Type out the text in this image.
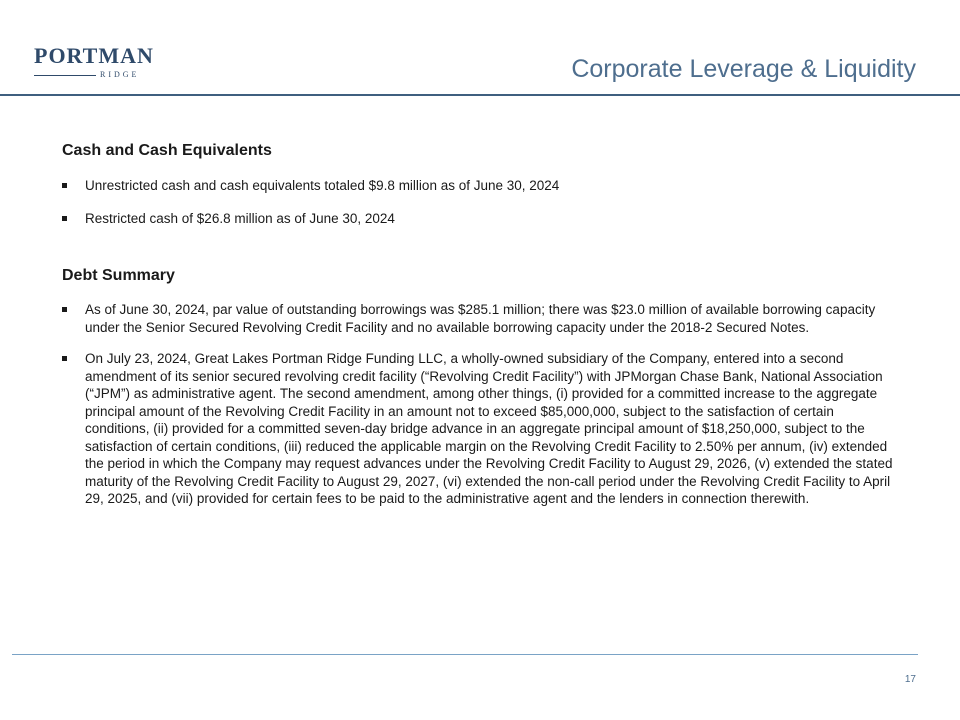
PORTMAN
RIDGE	Corporate Leverage & Liquidity
Cash and Cash Equivalents
Unrestricted cash and cash equivalents totaled $9.8 million as of June 30, 2024
Restricted cash of $26.8 million as of June 30, 2024
Debt Summary
As of June 30, 2024, par value of outstanding borrowings was $285.1 million; there was $23.0 million of available borrowing capacity under the Senior Secured Revolving Credit Facility and no available borrowing capacity under the 2018-2 Secured Notes.
On July 23, 2024, Great Lakes Portman Ridge Funding LLC, a wholly-owned subsidiary of the Company, entered into a second amendment of its senior secured revolving credit facility (“Revolving Credit Facility”) with JPMorgan Chase Bank, National Association (“JPM”) as administrative agent. The second amendment, among other things, (i) provided for a committed increase to the aggregate principal amount of the Revolving Credit Facility in an amount not to exceed $85,000,000, subject to the satisfaction of certain conditions, (ii) provided for a committed seven-day bridge advance in an aggregate principal amount of $18,250,000, subject to the satisfaction of certain conditions, (iii) reduced the applicable margin on the Revolving Credit Facility to 2.50% per annum, (iv) extended the period in which the Company may request advances under the Revolving Credit Facility to August 29, 2026, (v) extended the stated maturity of the Revolving Credit Facility to August 29, 2027, (vi) extended the non-call period under the Revolving Credit Facility to April 29, 2025, and (vii) provided for certain fees to be paid to the administrative agent and the lenders in connection therewith.
17
